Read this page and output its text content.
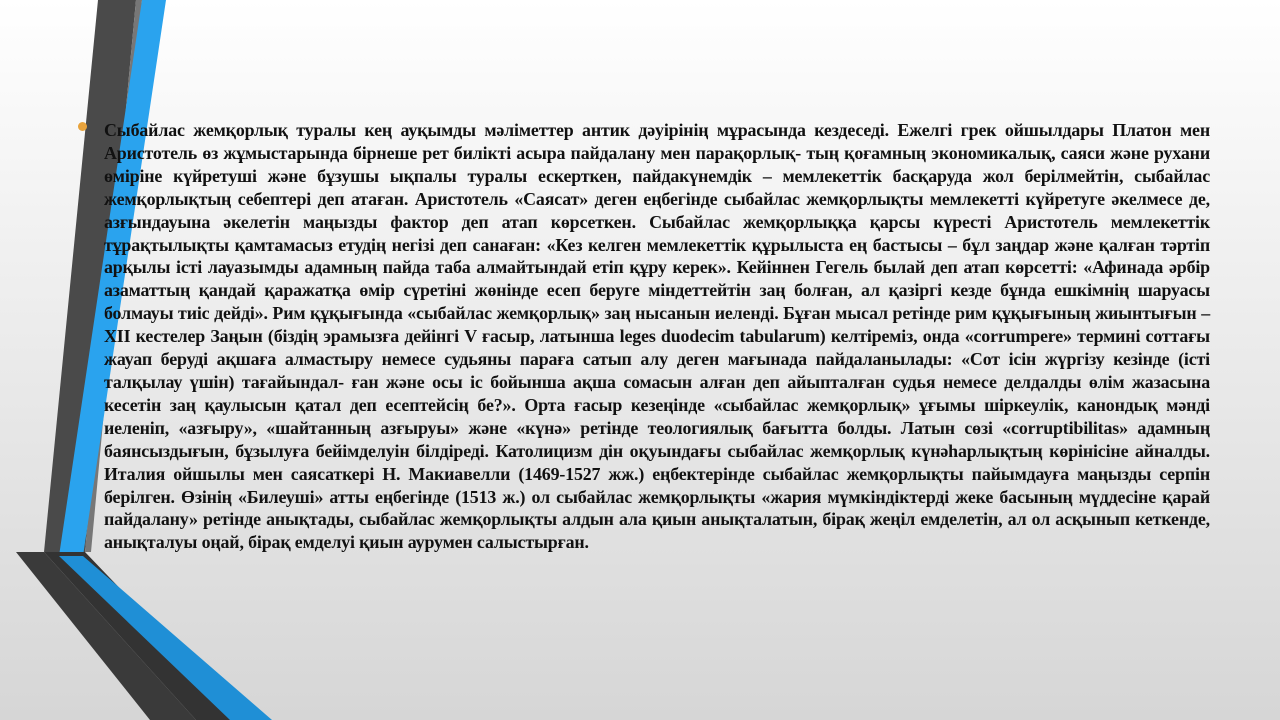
Сыбайлас жемқорлық туралы кең ауқымды мәліметтер антик дәуірінің мұрасында кездеседі. Ежелгі грек ойшылдары Платон мен Аристотель өз жұмыстарында бірнеше рет билікті асыра пайдалану мен парақорлық- тың қоғамның экономикалық, саяси және рухани өміріне күйретуші және бұзушы ықпалы туралы ескерткен, пайдакүнемдік – мемлекеттік басқаруда жол берілмейтін, сыбайлас жемқорлықтың себептері деп атаған. Аристотель «Саясат» деген еңбегінде сыбайлас жемқорлықты мемлекетті күйретуге әкелмесе де, азғындауына әкелетін маңызды фактор деп атап көрсеткен. Сыбайлас жемқорлыққа қарсы күресті Аристотель мемлекеттік тұрақтылықты қамтамасыз етудің негізі деп санаған: «Кез келген мемлекеттік құрылыста ең бастысы – бұл заңдар және қалған тәртіп арқылы істі лауазымды адамның пайда таба алмайтындай етіп құру керек». Кейіннен Гегель былай деп атап көрсетті: «Афинада әрбір азаматтың қандай қаражатқа өмір сүретіні жөнінде есеп беруге міндеттейтін заң болған, ал қазіргі кезде бұнда ешкімнің шаруасы болмауы тиіс дейді». Рим құқығында «сыбайлас жемқорлық» заң нысанын иеленді. Бұған мысал ретінде рим құқығының жиынтығын – XII кестелер Заңын (біздің эрамызға дейінгі V ғасыр, латынша leges duodecim tabularum) келтіреміз, онда «corrumpere» термині соттағы жауап беруді ақшаға алмастыру немесе судьяны параға сатып алу деген мағынада пайдаланылады: «Сот ісін жүргізу кезінде (істі талқылау үшін) тағайындал- ған және осы іс бойынша ақша сомасын алған деп айыпталған судья немесе делдалды өлім жазасына кесетін заң қаулысын қатал деп есептейсің бе?». Орта ғасыр кезеңінде «сыбайлас жемқорлық» ұғымы шіркеулік, канондық мәнді иеленіп, «азғыру», «шайтанның азғыруы» және «күнә» ретінде теологиялық бағытта болды. Латын сөзі «corruptibilitas» адамның баянсыздығын, бұзылуға бейімделуін білдіреді. Католицизм дін оқуындағы сыбайлас жемқорлық күнәһарлықтың көрінісіне айналды. Италия ойшылы мен саясаткері Н. Макиавелли (1469-1527 жж.) еңбектерінде сыбайлас жемқорлықты пайымдауға маңызды серпін берілген. Өзінің «Билеуші» атты еңбегінде (1513 ж.) ол сыбайлас жемқорлықты «жария мүмкіндіктерді жеке басының мүддесіне қарай пайдалану» ретінде анықтады, сыбайлас жемқорлықты алдын ала қиын анықталатын, бірақ жеңіл емделетін, ал ол асқынып кеткенде, анықталуы оңай, бірақ емделуі қиын аурумен салыстырған.
